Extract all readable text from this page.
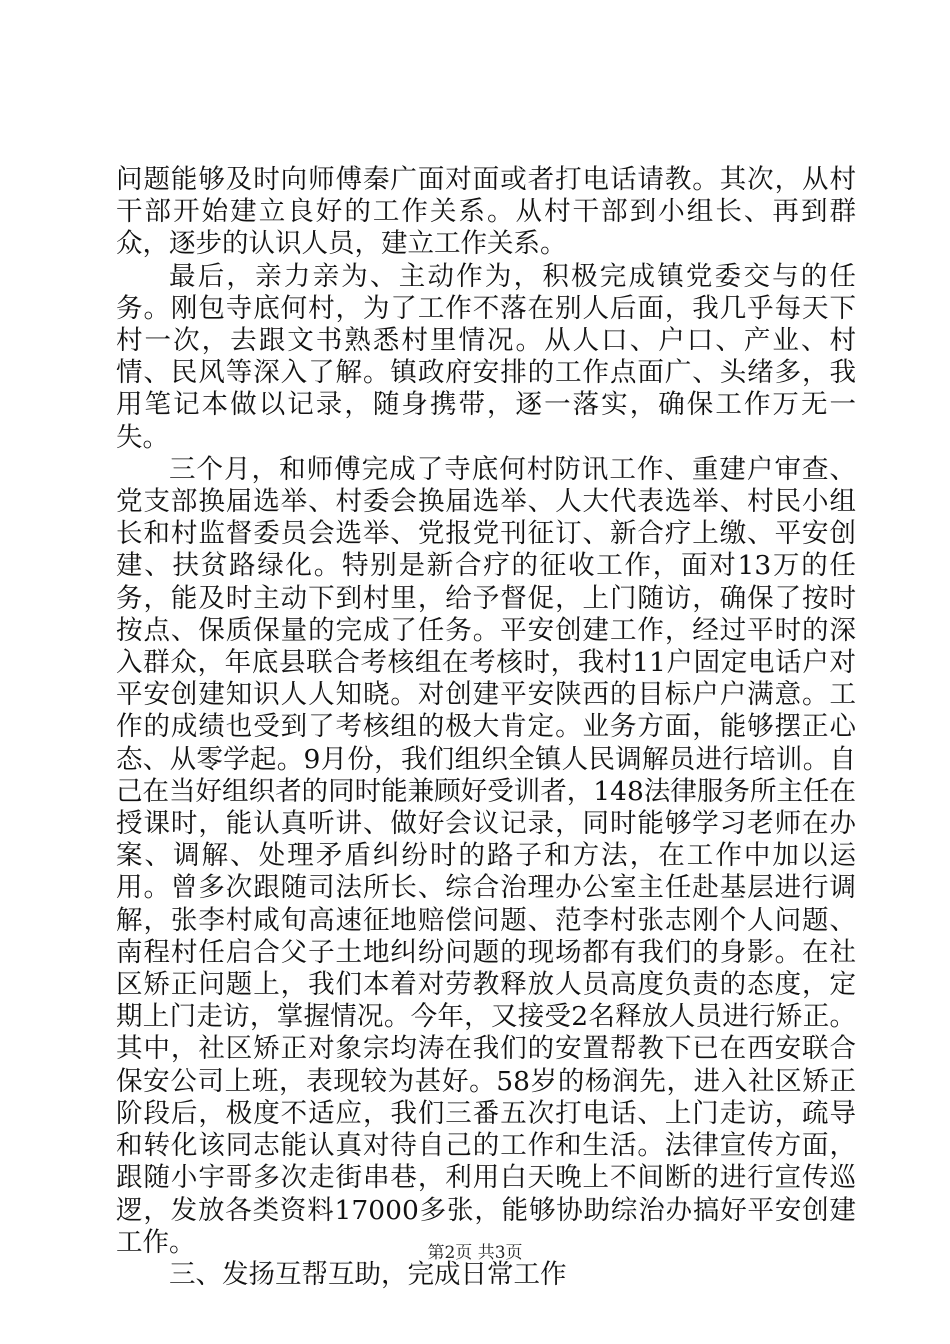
问题能够及时向师傅秦广面对面或者打电话请教。其次，从村干部开始建立良好的工作关系。从村干部到小组长、再到群众，逐步的认识人员，建立工作关系。

最后，亲力亲为、主动作为，积极完成镇党委交与的任务。刚包寺底何村，为了工作不落在别人后面，我几乎每天下村一次，去跟文书熟悉村里情况。从人口、户口、产业、村情、民风等深入了解。镇政府安排的工作点面广、头绪多，我用笔记本做以记录，随身携带，逐一落实，确保工作万无一失。

三个月，和师傅完成了寺底何村防讯工作、重建户审查、党支部换届选举、村委会换届选举、人大代表选举、村民小组长和村监督委员会选举、党报党刊征订、新合疗上缴、平安创建、扶贫路绿化。特别是新合疗的征收工作，面对13万的任务，能及时主动下到村里，给予督促，上门随访，确保了按时按点、保质保量的完成了任务。平安创建工作，经过平时的深入群众，年底县联合考核组在考核时，我村11户固定电话户对平安创建知识人人知晓。对创建平安陕西的目标户户满意。工作的成绩也受到了考核组的极大肯定。业务方面，能够摆正心态、从零学起。9月份，我们组织全镇人民调解员进行培训。自己在当好组织者的同时能兼顾好受训者，148法律服务所主任在授课时，能认真听讲、做好会议记录，同时能够学习老师在办案、调解、处理矛盾纠纷时的路子和方法，在工作中加以运用。曾多次跟随司法所长、综合治理办公室主任赴基层进行调解，张李村咸旬高速征地赔偿问题、范李村张志刚个人问题、南程村任启合父子土地纠纷问题的现场都有我们的身影。在社区矫正问题上，我们本着对劳教释放人员高度负责的态度，定期上门走访，掌握情况。今年，又接受2名释放人员进行矫正。其中，社区矫正对象宗均涛在我们的安置帮教下已在西安联合保安公司上班，表现较为甚好。58岁的杨润先，进入社区矫正阶段后，极度不适应，我们三番五次打电话、上门走访，疏导和转化该同志能认真对待自己的工作和生活。法律宣传方面，跟随小宇哥多次走街串巷，利用白天晚上不间断的进行宣传巡逻，发放各类资料17000多张，能够协助综治办搞好平安创建工作。

三、发扬互帮互助，完成日常工作

第2页 共3页
